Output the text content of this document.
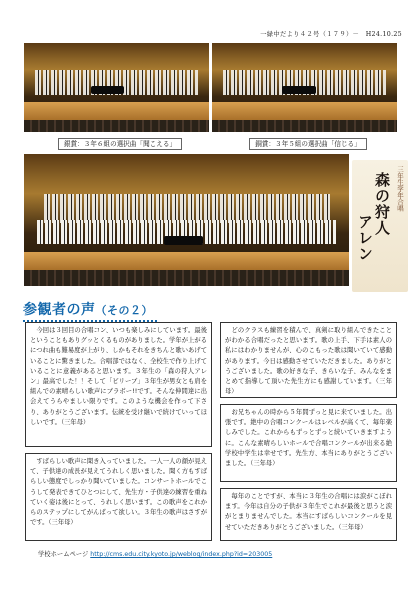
一緑中だより４２号（１７９）－　H24.10.25
銀賞：３年６組の選択曲「聞こえる」	銅賞：３年５組の選択曲「信じる」
三年生学年合唱
森の狩人
アレン
参観者の声（その２）
　今回は３回目の合唱コン、いつも楽しみにしています。最後ということもありグッとくるものがありました。学年が上がるにつれ曲も難易度が上がり、しかもそれをきちんと歌いあげていることに驚きました。合唱部ではなく、全校生で作り上げていることに意義があると思います。３年生の「森の狩人アレン」最高でした！！そして「ビリーブ」３年生が男女とも肩を組んでの素晴らしい歌声にブラボー!!です。そんな伸間達に出会えてうらやましい限りです。このような機会を作って下さり、ありがとうございます。伝統を受け継いで続けていってほしいです。（三年母）
　すばらしい歌声に聞き入っていました。一人一人の顔が見えて、子供達の成長が見えてうれしく思いました。聞く方もすばらしい態度でしっかり聞いていました。コンサートホールでこうして発表できてひとつにして、先生方・子供達の練習を重ねていく姿は後にとって、うれしく思います。この歌声をこれからのステップにしてがんばって欲しい。３年生の歌声はさすがです。（三年母）
　どのクラスも練習を積んで、真剣に取り組んできたことがわかる合唱だったと思います。歌の上手、下手は素人の私にはわかりませんが、心のこもった歌は聞いていて感動があります。今日は感動させていただきました。ありがとうございました。歌の好きな子、きらいな子、みんなをまとめて指導して頂いた先生方にも感謝しています。（三年母）
　お兄ちゃんの時から５年間ずっと見に来ていました。出張です。絶中の合唱コンクールはレベルが高くて、毎年楽しみでした。これからもずっとずっと続いていきますように。こんな素晴らしいホールで合唱コンクールが出来る絶学校中学生は幸せです。先生方、本当にありがとうございました。（三年母）
　毎年のことですが、本当に３年生の合唱には涙がこぼれます。今年は自分の子供が３年生でこれが最後と思うと涙がとまりませんでした。本当にすばらしいコンクールを見せていただきありがとうございました。（三年母）
学校ホームページ http://cms.edu.city.kyoto.jp/weblog/index.php?id=203005
